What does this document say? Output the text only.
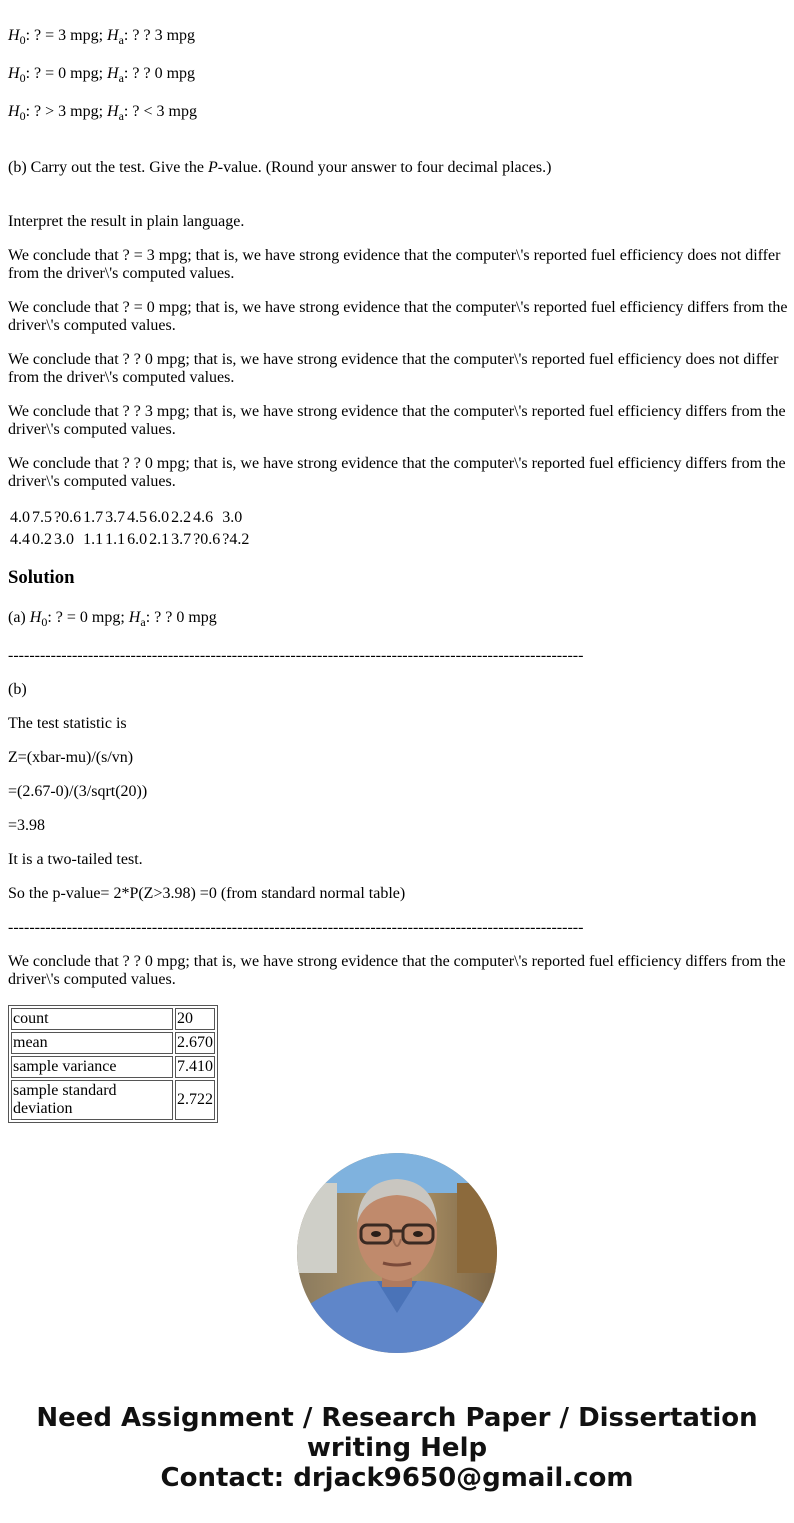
$H_0$: ? = 3 mpg; $H_a$: ? ? 3 mpg
$H_0$: ? = 0 mpg; $H_a$: ? ? 0 mpg
$H_0$: ? > 3 mpg; $H_a$: ? < 3 mpg
(b) Carry out the test. Give the P-value. (Round your answer to four decimal places.)
Interpret the result in plain language.
We conclude that ? = 3 mpg; that is, we have strong evidence that the computer\'s reported fuel efficiency does not differ from the driver\'s computed values.
We conclude that ? = 0 mpg; that is, we have strong evidence that the computer\'s reported fuel efficiency differs from the driver\'s computed values.
We conclude that ? ? 0 mpg; that is, we have strong evidence that the computer\'s reported fuel efficiency does not differ from the driver\'s computed values.
We conclude that ? ? 3 mpg; that is, we have strong evidence that the computer\'s reported fuel efficiency differs from the driver\'s computed values.
We conclude that ? ? 0 mpg; that is, we have strong evidence that the computer\'s reported fuel efficiency differs from the driver\'s computed values.
4.0	7.5	?0.6	1.7	3.7	4.5	6.0	2.2	4.6	3.0
4.4	0.2	3.0	1.1	1.1	6.0	2.1	3.7	?0.6	?4.2
Solution
(a) $H_0$: ? = 0 mpg; $H_a$: ? ? 0 mpg
------------------------------------------------------------------------------------------------------------
(b)
The test statistic is
Z=(xbar-mu)/(s/vn)
=(2.67-0)/(3/sqrt(20))
=3.98
It is a two-tailed test.
So the p-value= 2*P(Z>3.98) =0 (from standard normal table)
------------------------------------------------------------------------------------------------------------
We conclude that ? ? 0 mpg; that is, we have strong evidence that the computer\'s reported fuel efficiency differs from the driver\'s computed values.
count	20
mean	2.670
sample variance	7.410
sample standard deviation	2.722
Need Assignment / Research Paper / Dissertation writing Help
Contact: drjack9650@gmail.com
